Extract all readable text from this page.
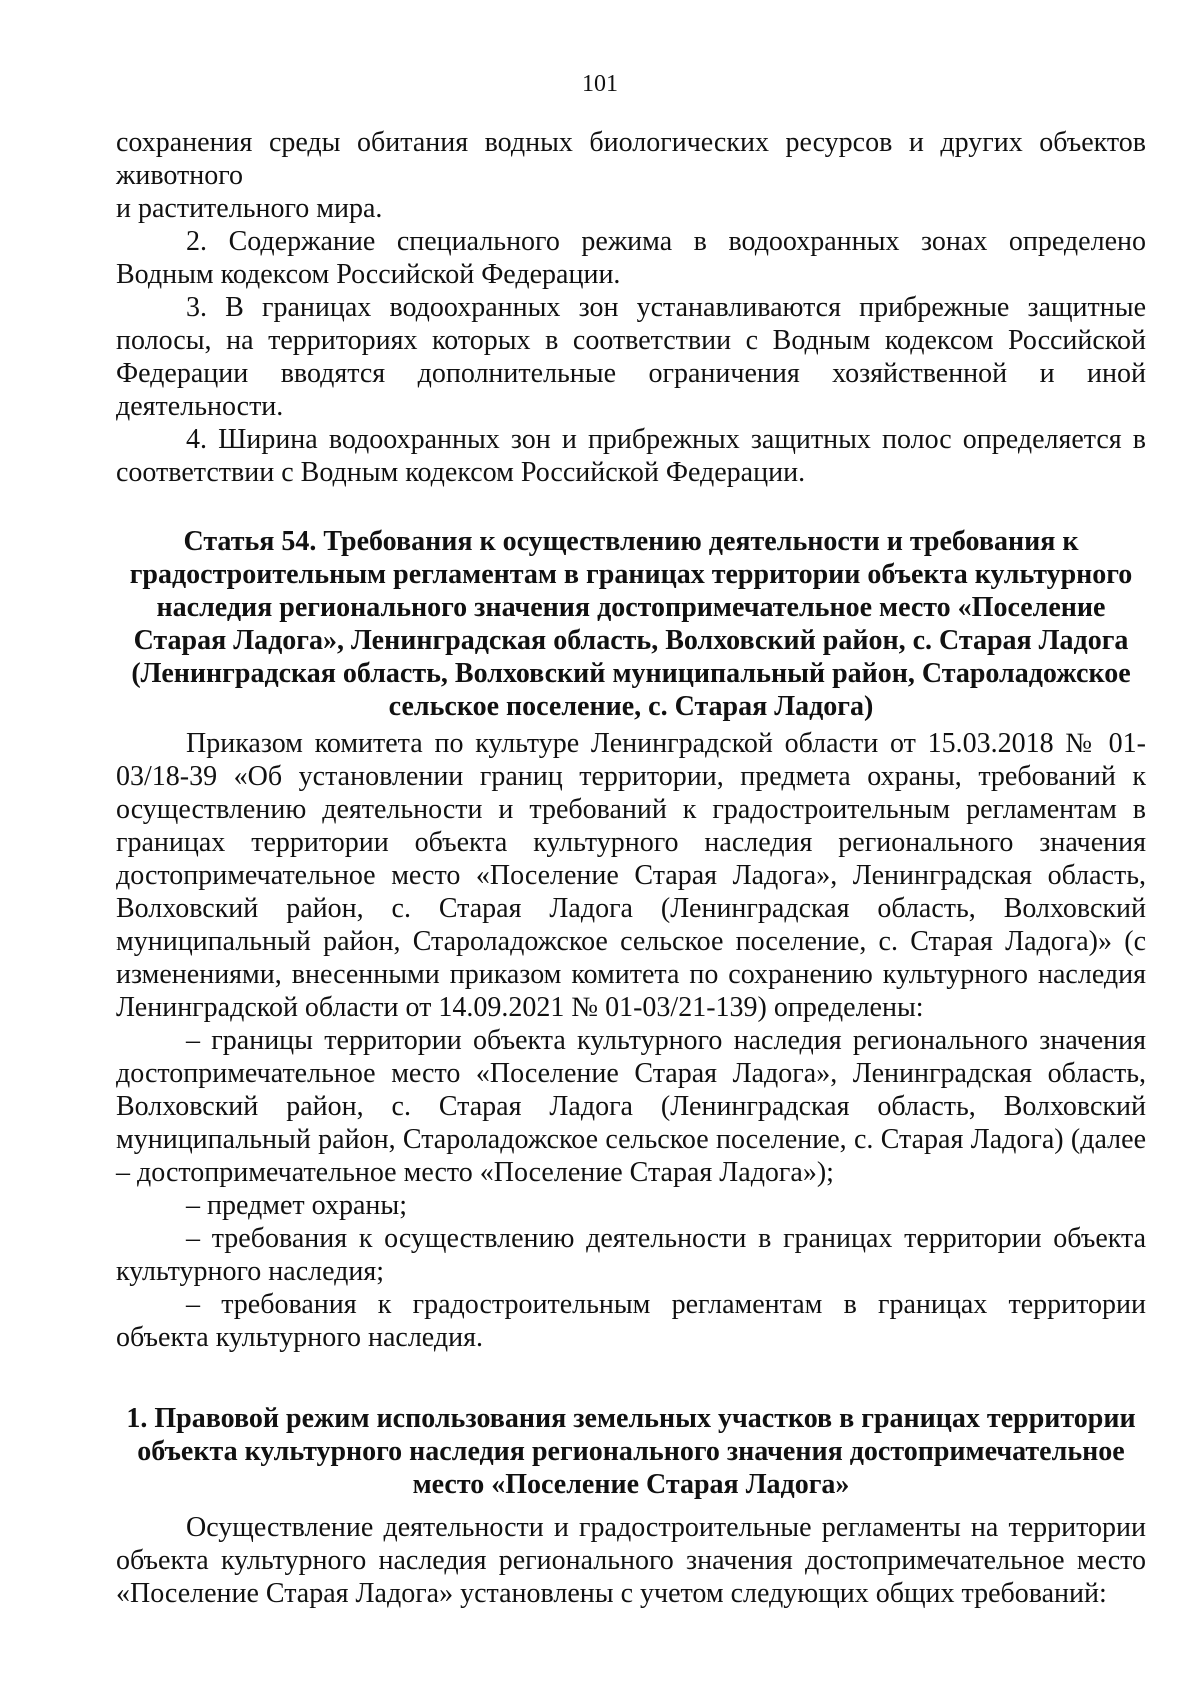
101

сохранения среды обитания водных биологических ресурсов и других объектов

животного

и растительного мира.

2. Содержание специального режима в водоохранных зонах определено Водным кодексом Российской Федерации.

3. В границах водоохранных зон устанавливаются прибрежные защитные полосы, на территориях которых в соответствии с Водным кодексом Российской Федерации вводятся дополнительные ограничения хозяйственной и иной деятельности.

4. Ширина водоохранных зон и прибрежных защитных полос определяется в соответствии с Водным кодексом Российской Федерации.

Статья 54. Требования к осуществлению деятельности и требования к градостроительным регламентам в границах территории объекта культурного наследия регионального значения достопримечательное место «Поселение Старая Ладога», Ленинградская область, Волховский район, с. Старая Ладога (Ленинградская область, Волховский муниципальный район, Староладожское сельское поселение, с. Старая Ладога)

Приказом комитета по культуре Ленинградской области от 15.03.2018 № 01-03/18-39 «Об установлении границ территории, предмета охраны, требований к осуществлению деятельности и требований к градостроительным регламентам в границах территории объекта культурного наследия регионального значения достопримечательное место «Поселение Старая Ладога», Ленинградская область, Волховский район, с. Старая Ладога (Ленинградская область, Волховский муниципальный район, Староладожское сельское поселение, с. Старая Ладога)» (с изменениями, внесенными приказом комитета по сохранению культурного наследия Ленинградской области от 14.09.2021 № 01-03/21-139) определены:

– границы территории объекта культурного наследия регионального значения достопримечательное место «Поселение Старая Ладога», Ленинградская область, Волховский район, с. Старая Ладога (Ленинградская область, Волховский муниципальный район, Староладожское сельское поселение, с. Старая Ладога) (далее – достопримечательное место «Поселение Старая Ладога»);

– предмет охраны;

– требования к осуществлению деятельности в границах территории объекта культурного наследия;

– требования к градостроительным регламентам в границах территории объекта культурного наследия.

1. Правовой режим использования земельных участков в границах территории объекта культурного наследия регионального значения достопримечательное место «Поселение Старая Ладога»

Осуществление деятельности и градостроительные регламенты на территории объекта культурного наследия регионального значения достопримечательное место «Поселение Старая Ладога» установлены с учетом следующих общих требований:
